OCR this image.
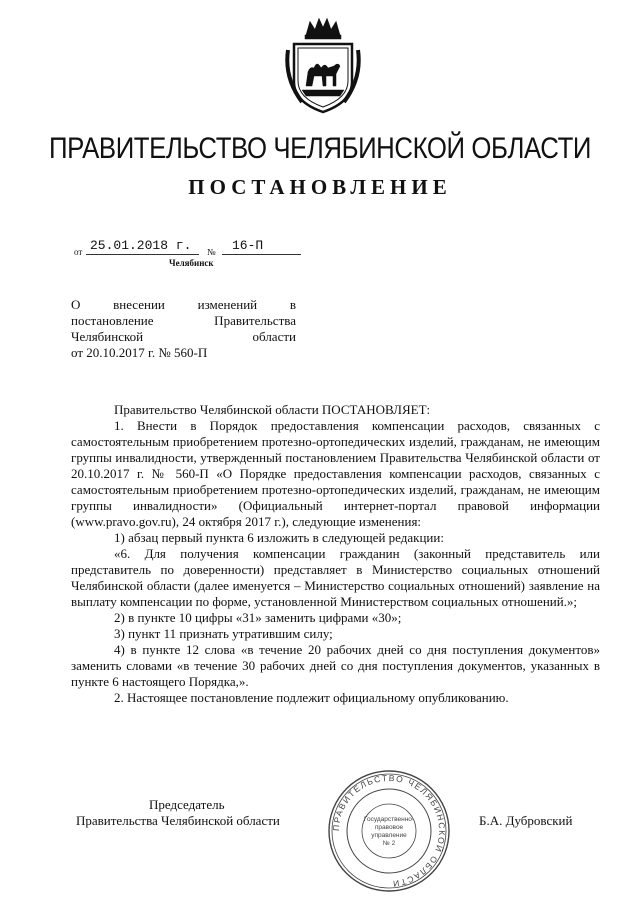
ПРАВИТЕЛЬСТВО ЧЕЛЯБИНСКОЙ ОБЛАСТИ
ПОСТАНОВЛЕНИЕ
от 25.01.2018 г. № 16-П
Челябинск
О внесении изменений в
постановление Правительства
Челябинской области
от 20.10.2017 г. № 560-П

Правительство Челябинской области ПОСТАНОВЛЯЕТ:

1. Внести в Порядок предоставления компенсации расходов, связанных с самостоятельным приобретением протезно-ортопедических изделий, гражданам, не имеющим группы инвалидности, утвержденный постановлением Правительства Челябинской области от 20.10.2017 г. № 560-П «О Порядке предоставления компенсации расходов, связанных с самостоятельным приобретением протезно-ортопедических изделий, гражданам, не имеющим группы инвалидности» (Официальный интернет-портал правовой информации (www.pravo.gov.ru), 24 октября 2017 г.), следующие изменения:

1) абзац первый пункта 6 изложить в следующей редакции:

«6. Для получения компенсации гражданин (законный представитель или представитель по доверенности) представляет в Министерство социальных отношений Челябинской области (далее именуется – Министерство социальных отношений) заявление на выплату компенсации по форме, установленной Министерством социальных отношений.»;

2) в пункте 10 цифры «31» заменить цифрами «30»;

3) пункт 11 признать утратившим силу;

4) в пункте 12 слова «в течение 20 рабочих дней со дня поступления документов» заменить словами «в течение 30 рабочих дней со дня поступления документов, указанных в пункте 6 настоящего Порядка,».

2. Настоящее постановление подлежит официальному опубликованию.

Председатель
Правительства Челябинской области	Б.А. Дубровский
ПРАВИТЕЛЬСТВО ЧЕЛЯБИНСКОЙ ОБЛАСТИ
Государственно-
правовое
управление
№ 2
